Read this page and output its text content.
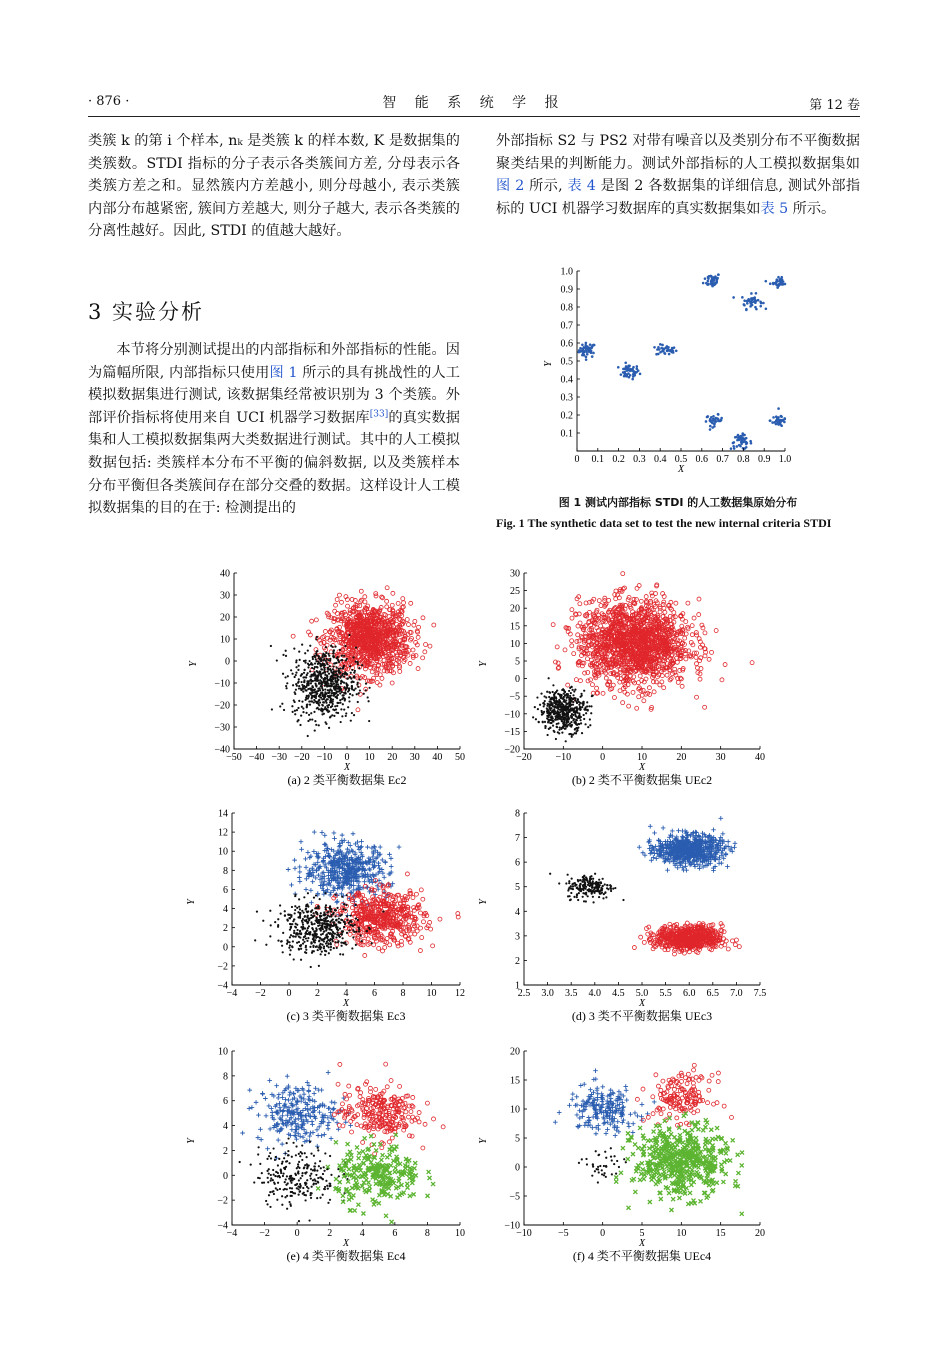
· 876 ·	智 能 系 统 学 报	第 12 卷

类簇 k 的第 i 个样本, nₖ 是类簇 k 的样本数, K 是数据集的类簇数。STDI 指标的分子表示各类簇间方差, 分母表示各类簇方差之和。显然簇内方差越小, 则分母越小, 表示类簇内部分布越紧密, 簇间方差越大, 则分子越大, 表示各类簇的分离性越好。因此, STDI 的值越大越好。

3 实验分析

本节将分别测试提出的内部指标和外部指标的性能。因为篇幅所限, 内部指标只使用图 1 所示的具有挑战性的人工模拟数据集进行测试, 该数据集经常被识别为 3 个类簇。外部评价指标将使用来自 UCI 机器学习数据库[33]的真实数据集和人工模拟数据集两大类数据进行测试。其中的人工模拟数据包括: 类簇样本分布不平衡的偏斜数据, 以及类簇样本分布平衡但各类簇间存在部分交叠的数据。这样设计人工模拟数据集的目的在于: 检测提出的

外部指标 S2 与 PS2 对带有噪音以及类别分布不平衡数据聚类结果的判断能力。测试外部指标的人工模拟数据集如图 2 所示, 表 4 是图 2 各数据集的详细信息, 测试外部指标的 UCI 机器学习数据库的真实数据集如表 5 所示。

0 0.1 0.2 0.3 0.4 0.5 0.6 0.7 0.8 0.9 1.0
0.1
0.2
0.3
0.4
0.5
0.6
0.7
0.8
0.9
1.0
X
Y
−50 −40 −30 −20 −10 0 10 20 30 40 50
−40
−30
−20
−10
0
10
20
30
40
X
Y
(a) 2 类平衡数据集 Ec2
−20 −10	0	10	20	30	40
−20
−15
−10
−5
0
5
10
15
20
25
30
X
Y
(b) 2 类不平衡数据集 UEc2
−4 −2 0 2 4 6 8 10 12
−4
−2
0
2
4
6
8
10
12
14
X
Y
(c) 3 类平衡数据集 Ec3
2.5 3.0 3.5 4.0 4.5 5.0 5.5 6.0 6.5 7.0 7.5
1
2
3
4
5
6
7
8
X
Y
(d) 3 类不平衡数据集 UEc3
−4 −2 0	2	4	6	8	10
−4
−2
0
2
4
6
8
10
X
Y
(e) 4 类平衡数据集 Ec4
−10	−5	0	5	10	15	20
−10
−5
0
5
10
15
20
X
Y
(f) 4 类不平衡数据集 UEc4
图 1 测试内部指标 STDI 的人工数据集原始分布
Fig. 1 The synthetic data set to test the new internal criteria STDI
